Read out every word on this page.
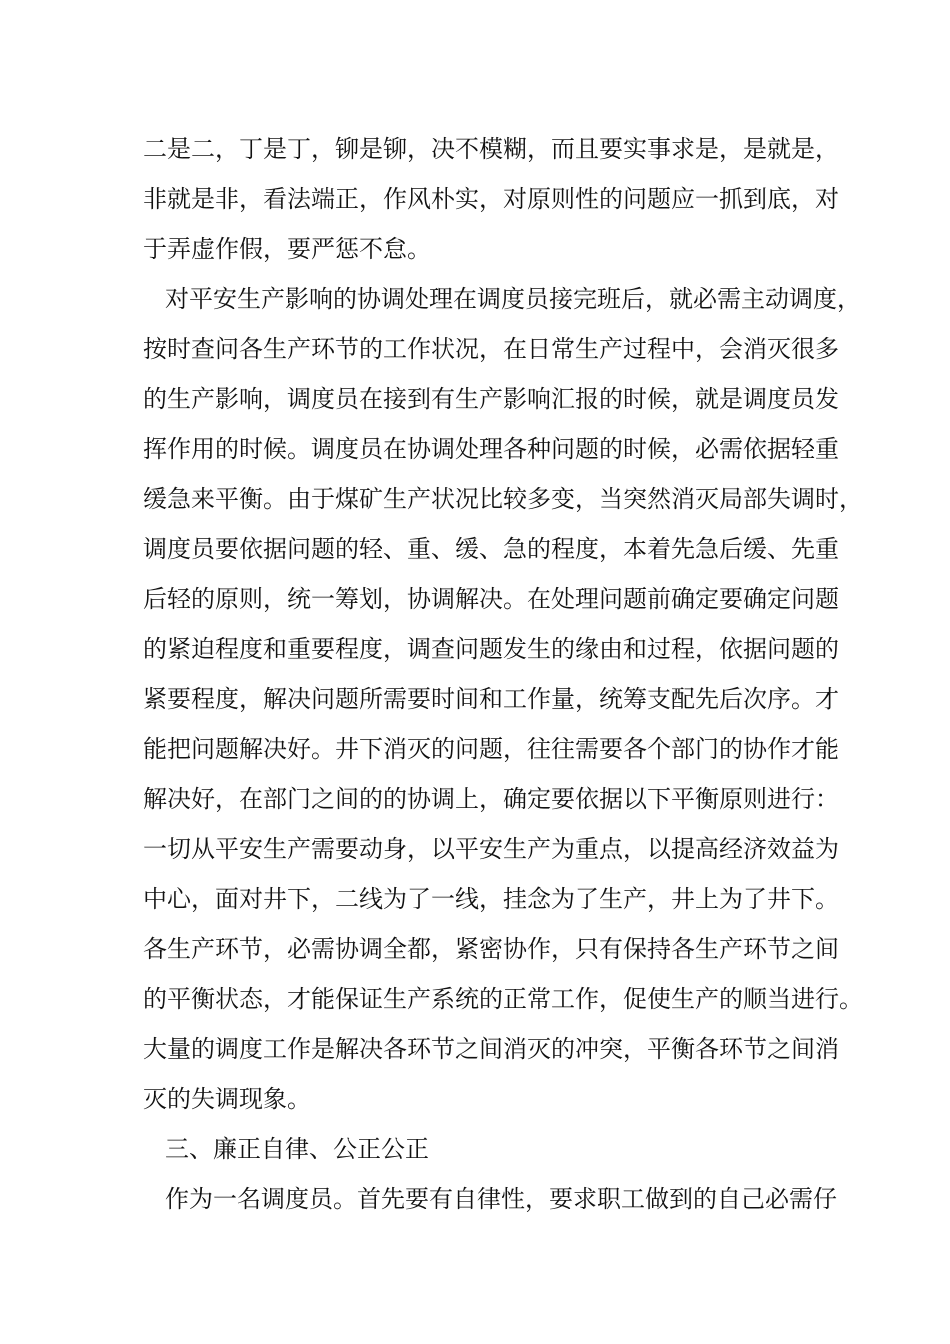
二是二，丁是丁，铆是铆，决不模糊，而且要实事求是，是就是，
非就是非，看法端正，作风朴实，对原则性的问题应一抓到底，对
于弄虚作假，要严惩不怠。
对平安生产影响的协调处理在调度员接完班后，就必需主动调度，
按时查问各生产环节的工作状况，在日常生产过程中，会消灭很多
的生产影响，调度员在接到有生产影响汇报的时候，就是调度员发
挥作用的时候。调度员在协调处理各种问题的时候，必需依据轻重
缓急来平衡。由于煤矿生产状况比较多变，当突然消灭局部失调时，
调度员要依据问题的轻、重、缓、急的程度，本着先急后缓、先重
后轻的原则，统一筹划，协调解决。在处理问题前确定要确定问题
的紧迫程度和重要程度，调查问题发生的缘由和过程，依据问题的
紧要程度，解决问题所需要时间和工作量，统筹支配先后次序。才
能把问题解决好。井下消灭的问题，往往需要各个部门的协作才能
解决好，在部门之间的的协调上，确定要依据以下平衡原则进行：
一切从平安生产需要动身，以平安生产为重点，以提高经济效益为
中心，面对井下，二线为了一线，挂念为了生产，井上为了井下。
各生产环节，必需协调全都，紧密协作，只有保持各生产环节之间
的平衡状态，才能保证生产系统的正常工作，促使生产的顺当进行。
大量的调度工作是解决各环节之间消灭的冲突，平衡各环节之间消
灭的失调现象。
三、廉正自律、公正公正
作为一名调度员。首先要有自律性，要求职工做到的自己必需仔
